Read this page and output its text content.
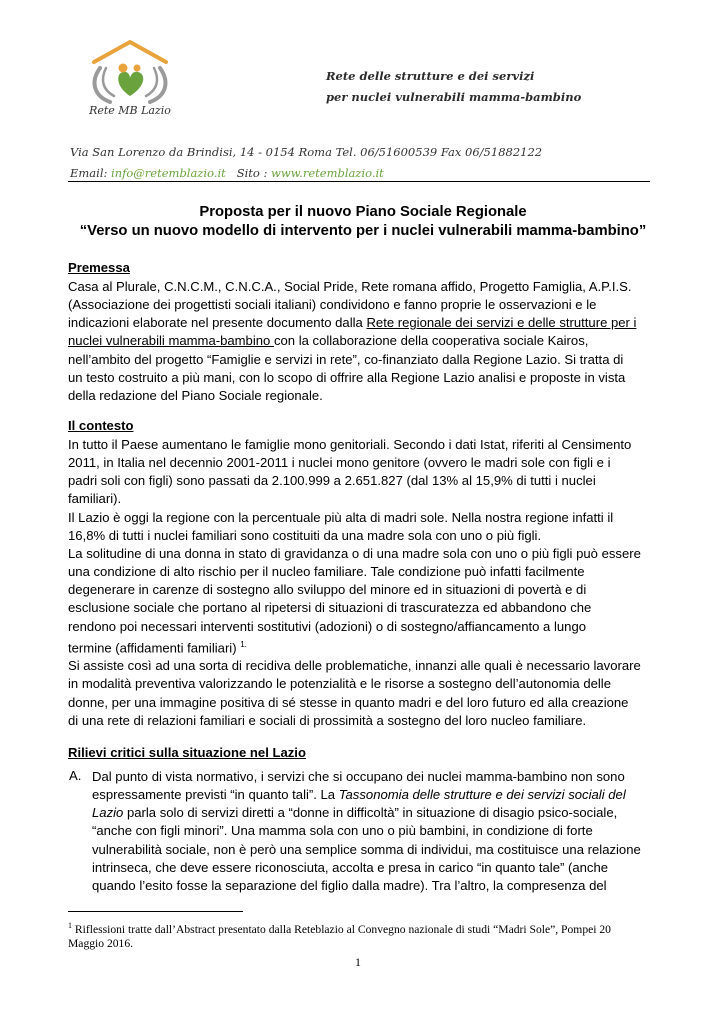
Rete MB Lazio
Rete delle strutture e dei servizi
per nuclei vulnerabili mamma-bambino
Via San Lorenzo da Brindisi, 14 - 0154 Roma Tel. 06/51600539 Fax 06/51882122
Email: info@retemblazio.it Sito : www.retemblazio.it
Proposta per il nuovo Piano Sociale Regionale
“Verso un nuovo modello di intervento per i nuclei vulnerabili mamma-bambino”
Premessa
Casa al Plurale, C.N.C.M., C.N.C.A., Social Pride, Rete romana affido, Progetto Famiglia, A.P.I.S.
(Associazione dei progettisti sociali italiani) condividono e fanno proprie le osservazioni e le
indicazioni elaborate nel presente documento dalla Rete regionale dei servizi e delle strutture per i
nuclei vulnerabili mamma-bambino con la collaborazione della cooperativa sociale Kairos,
nell’ambito del progetto “Famiglie e servizi in rete”, co-finanziato dalla Regione Lazio. Si tratta di
un testo costruito a più mani, con lo scopo di offrire alla Regione Lazio analisi e proposte in vista
della redazione del Piano Sociale regionale.
Il contesto
In tutto il Paese aumentano le famiglie mono genitoriali. Secondo i dati Istat, riferiti al Censimento
2011, in Italia nel decennio 2001-2011 i nuclei mono genitore (ovvero le madri sole con figli e i
padri soli con figli) sono passati da 2.100.999 a 2.651.827 (dal 13% al 15,9% di tutti i nuclei
familiari).
Il Lazio è oggi la regione con la percentuale più alta di madri sole. Nella nostra regione infatti il
16,8% di tutti i nuclei familiari sono costituiti da una madre sola con uno o più figli.
La solitudine di una donna in stato di gravidanza o di una madre sola con uno o più figli può essere
una condizione di alto rischio per il nucleo familiare. Tale condizione può infatti facilmente
degenerare in carenze di sostegno allo sviluppo del minore ed in situazioni di povertà e di
esclusione sociale che portano al ripetersi di situazioni di trascuratezza ed abbandono che
rendono poi necessari interventi sostitutivi (adozioni) o di sostegno/affiancamento a lungo
termine (affidamenti familiari) $^{1.}$
Si assiste così ad una sorta di recidiva delle problematiche, innanzi alle quali è necessario lavorare
in modalità preventiva valorizzando le potenzialità e le risorse a sostegno dell’autonomia delle
donne, per una immagine positiva di sé stesse in quanto madri e del loro futuro ed alla creazione
di una rete di relazioni familiari e sociali di prossimità a sostegno del loro nucleo familiare.
Rilievi critici sulla situazione nel Lazio
A. Dal punto di vista normativo, i servizi che si occupano dei nuclei mamma-bambino non sono
espressamente previsti “in quanto tali”. La Tassonomia delle strutture e dei servizi sociali del
Lazio parla solo di servizi diretti a “donne in difficoltà” in situazione di disagio psico-sociale,
“anche con figli minori”. Una mamma sola con uno o più bambini, in condizione di forte
vulnerabilità sociale, non è però una semplice somma di individui, ma costituisce una relazione
intrinseca, che deve essere riconosciuta, accolta e presa in carico “in quanto tale” (anche
quando l’esito fosse la separazione del figlio dalla madre). Tra l’altro, la compresenza del
$^1$ Riflessioni tratte dall’Abstract presentato dalla Reteblazio al Convegno nazionale di studi “Madri Sole”, Pompei 20
Maggio 2016.
1
